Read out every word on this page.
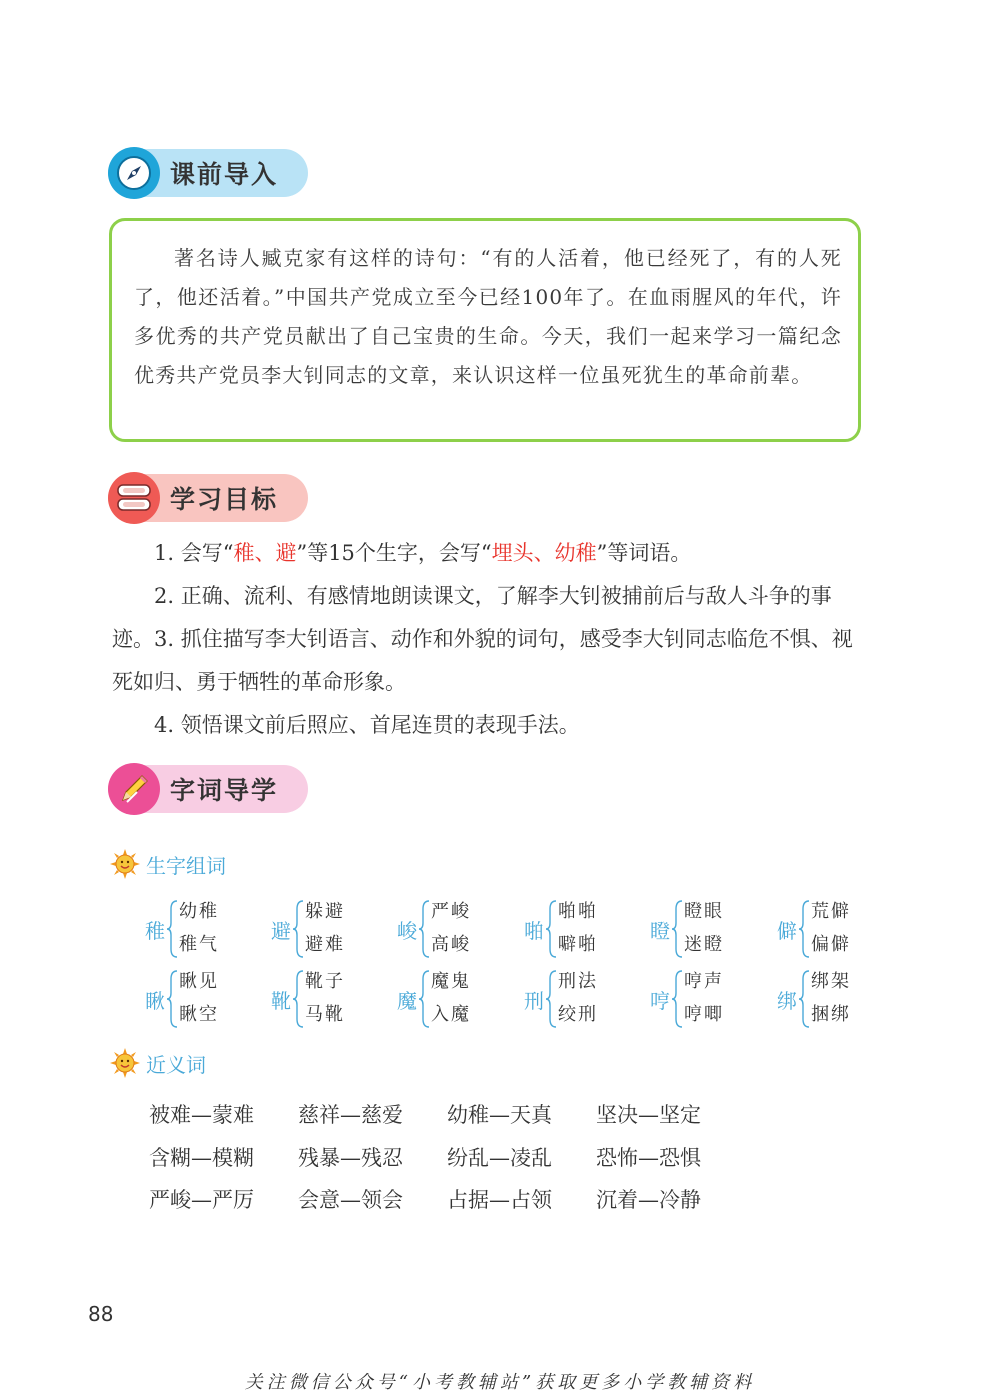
课前导入

著名诗人臧克家有这样的诗句：“有的人活着，他已经死了，有的人死了，他还活着。”中国共产党成立至今已经100年了。在血雨腥风的年代，许多优秀的共产党员献出了自己宝贵的生命。今天，我们一起来学习一篇纪念优秀共产党员李大钊同志的文章，来认识这样一位虽死犹生的革命前辈。

学习目标

1. 会写“稚、避”等15个生字，会写“埋头、幼稚”等词语。

2. 正确、流利、有感情地朗读课文，了解李大钊被捕前后与敌人斗争的事迹。 3. 抓住描写李大钊语言、动作和外貌的词句，感受李大钊同志临危不惧、视死如归、勇于牺牲的革命形象。

4. 领悟课文前后照应、首尾连贯的表现手法。

字词导学
生字组词
稚
幼稚
稚气
避
躲避
避难
峻
严峻
高峻
啪
啪啪
噼啪
瞪
瞪眼
迷瞪
僻
荒僻
偏僻
瞅
瞅见
瞅空
靴
靴子
马靴
魔
魔鬼
入魔
刑
刑法
绞刑
哼
哼声
哼唧
绑
绑架
捆绑
近义词
被难—蒙难 慈祥—慈爱 幼稚—天真 坚决—坚定
含糊—模糊 残暴—残忍 纷乱—凌乱 恐怖—恐惧
严峻—严厉 会意—领会 占据—占领 沉着—冷静
88
关注微信公众号“小考教辅站”获取更多小学教辅资料
